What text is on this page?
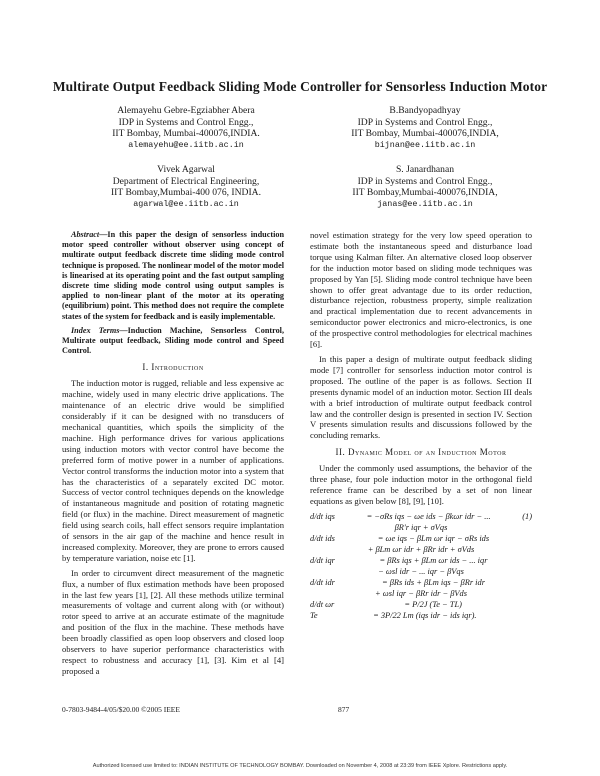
Multirate Output Feedback Sliding Mode Controller for Sensorless Induction Motor
Alemayehu Gebre-Egziabher Abera
IDP in Systems and Control Engg.,
IIT Bombay, Mumbai-400076,INDIA.
alemayehu@ee.iitb.ac.in
B.Bandyopadhyay
IDP in Systems and Control Engg.,
IIT Bombay, Mumbai-400076,INDIA,
bijnan@ee.iitb.ac.in
Vivek Agarwal
Department of Electrical Engineering,
IIT Bombay,Mumbai-400 076, INDIA.
agarwal@ee.iitb.ac.in
S. Janardhanan
IDP in Systems and Control Engg.,
IIT Bombay,Mumbai-400076,INDIA,
janas@ee.iitb.ac.in

Abstract—In this paper the design of sensorless induction motor speed controller without observer using concept of multirate output feedback discrete time sliding mode control technique is proposed. The nonlinear model of the motor model is linearised at its operating point and the fast output sampling discrete time sliding mode control using output samples is applied to non-linear plant of the motor at its operating (equilibrium) point. This method does not require the complete states of the system for feedback and is easily implementable.

Index Terms—Induction Machine, Sensorless Control, Multirate output feedback, Sliding mode control and Speed Control.

I. Introduction

The induction motor is rugged, reliable and less expensive ac machine, widely used in many electric drive applications. The maintenance of an electric drive would be simplified considerably if it can be designed with no transducers of mechanical quantities, which spoils the simplicity of the machine. High performance drives for various applications using induction motors with vector control have become the preferred form of motive power in a number of applications. Vector control transforms the induction motor into a system that has the characteristics of a separately excited DC motor. Success of vector control techniques depends on the knowledge of instantaneous magnitude and position of rotating magnetic field (or flux) in the machine. Direct measurement of magnetic field using search coils, hall effect sensors require implantation of sensors in the air gap of the machine and hence result in increased complexity. Moreover, they are prone to errors caused by temperature variation, noise etc [1].

In order to circumvent direct measurement of the magnetic flux, a number of flux estimation methods have been proposed in the last few years [1], [2]. All these methods utilize terminal measurements of voltage and current along with (or without) rotor speed to arrive at an accurate estimate of the magnitude and position of the flux in the machine. These methods have been broadly classified as open loop observers and closed loop observers to have superior performance characteristics with respect to robustness and accuracy [1], [3]. Kim et al [4] proposed a

novel estimation strategy for the very low speed operation to estimate both the instantaneous speed and disturbance load torque using Kalman filter. An alternative closed loop observer for the induction motor based on sliding mode techniques was proposed by Yan [5]. Sliding mode control technique have been shown to offer great advantage due to its order reduction, disturbance rejection, robustness property, simple realization and practical implementation due to recent advancements in semiconductor power electronics and micro-electronics, is one of the prospective control methodologies for electrical machines [6].

In this paper a design of multirate output feedback sliding mode [7] controller for sensorless induction motor control is proposed. The outline of the paper is as follows. Section II presents dynamic model of an induction motor. Section III deals with a brief introduction of multirate output feedback control law and the controller design is presented in section IV. Section V presents simulation results and discussions followed by the concluding remarks.

II. Dynamic Model of an Induction Motor

Under the commonly used assumptions, the behavior of the three phase, four pole induction motor in the orthogonal field reference frame can be described by a set of non linear equations as given below [8], [9], [10].

d/dt iqs	= −σRs iqs − ωe ids − βkωr idr − ...	(1)
βR'r iqr + σVqs
d/dt ids	= ωe iqs − βLm ωr iqr − σRs ids
+ βLm ωr idr + βRr idr + σVds
d/dt iqr	= βRs iqs + βLm ωr ids − ... iqr
− ωsl idr − ... iqr − βVqs
d/dt idr	= βRs ids + βLm iqs − βRr idr
+ ωsl iqr − βRr idr − βVds
d/dt ωr	= P/2J (Te − TL)
Te	= 3P/22 Lm (iqs idr − ids iqr).
0-7803-9484-4/05/$20.00 ©2005 IEEE	877
Authorized licensed use limited to: INDIAN INSTITUTE OF TECHNOLOGY BOMBAY. Downloaded on November 4, 2008 at 23:39 from IEEE Xplore. Restrictions apply.
